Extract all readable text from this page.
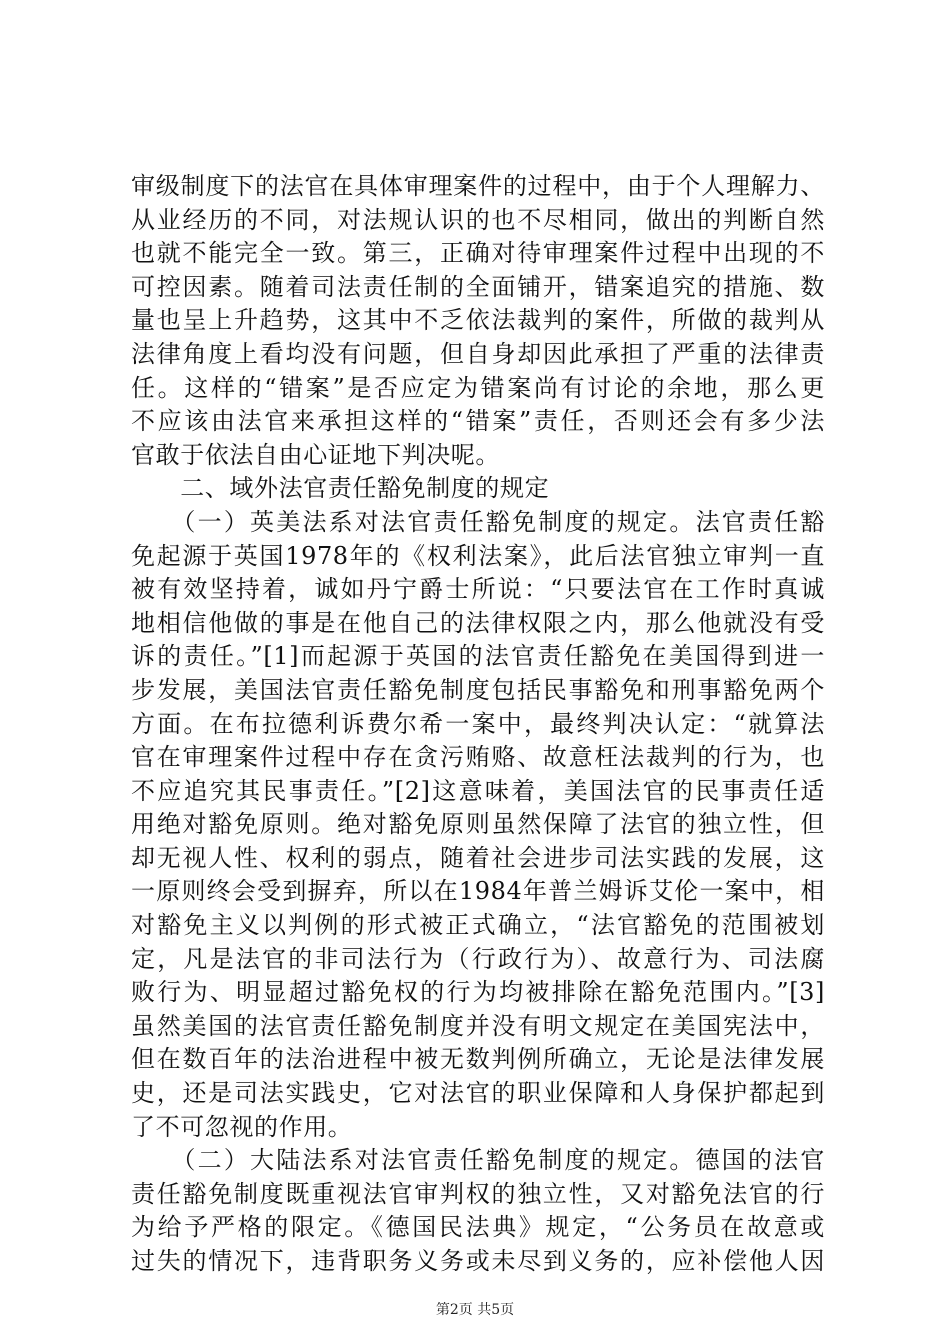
审级制度下的法官在具体审理案件的过程中，由于个人理解力、
从业经历的不同，对法规认识的也不尽相同，做出的判断自然
也就不能完全一致。第三，正确对待审理案件过程中出现的不
可控因素。随着司法责任制的全面铺开，错案追究的措施、数
量也呈上升趋势，这其中不乏依法裁判的案件，所做的裁判从
法律角度上看均没有问题，但自身却因此承担了严重的法律责
任。这样的“错案”是否应定为错案尚有讨论的余地，那么更
不应该由法官来承担这样的“错案”责任，否则还会有多少法
官敢于依法自由心证地下判决呢。
　　二、域外法官责任豁免制度的规定
　　（一）英美法系对法官责任豁免制度的规定。法官责任豁
免起源于英国1978年的《权利法案》，此后法官独立审判一直
被有效坚持着，诚如丹宁爵士所说：“只要法官在工作时真诚
地相信他做的事是在他自己的法律权限之内，那么他就没有受
诉的责任。”[1]而起源于英国的法官责任豁免在美国得到进一
步发展，美国法官责任豁免制度包括民事豁免和刑事豁免两个
方面。在布拉德利诉费尔希一案中，最终判决认定：“就算法
官在审理案件过程中存在贪污贿赂、故意枉法裁判的行为，也
不应追究其民事责任。”[2]这意味着，美国法官的民事责任适
用绝对豁免原则。绝对豁免原则虽然保障了法官的独立性，但
却无视人性、权利的弱点，随着社会进步司法实践的发展，这
一原则终会受到摒弃，所以在1984年普兰姆诉艾伦一案中，相
对豁免主义以判例的形式被正式确立，“法官豁免的范围被划
定，凡是法官的非司法行为（行政行为）、故意行为、司法腐
败行为、明显超过豁免权的行为均被排除在豁免范围内。”[3]
虽然美国的法官责任豁免制度并没有明文规定在美国宪法中，
但在数百年的法治进程中被无数判例所确立，无论是法律发展
史，还是司法实践史，它对法官的职业保障和人身保护都起到
了不可忽视的作用。
　　（二）大陆法系对法官责任豁免制度的规定。德国的法官
责任豁免制度既重视法官审判权的独立性，又对豁免法官的行
为给予严格的限定。《德国民法典》规定，“公务员在故意或
过失的情况下，违背职务义务或未尽到义务的，应补偿他人因
第2页 共5页
